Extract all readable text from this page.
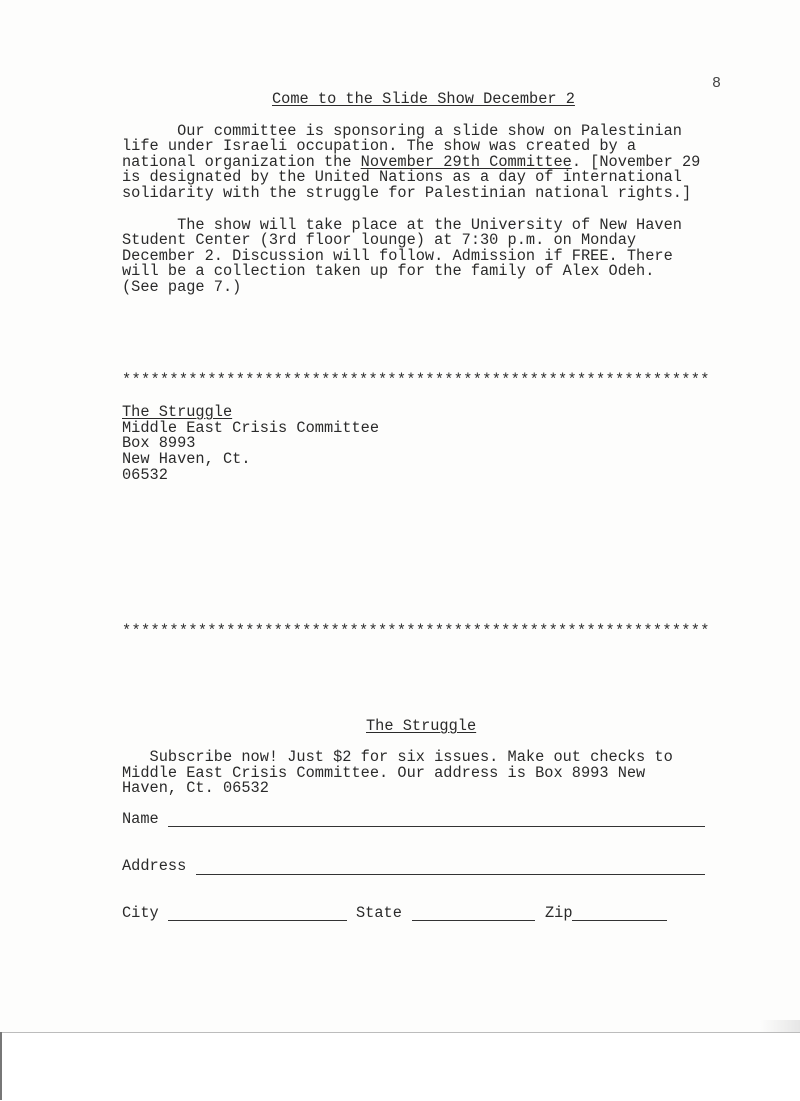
8
Come to the Slide Show December 2
Our committee is sponsoring a slide show on Palestinian
life under Israeli occupation. The show was created by a
national organization the November 29th Committee. [November 29
is designated by the United Nations as a day of international
solidarity with the struggle for Palestinian national rights.]
The show will take place at the University of New Haven
Student Center (3rd floor lounge) at 7:30 p.m. on Monday
December 2. Discussion will follow. Admission if FREE. There
will be a collection taken up for the family of Alex Odeh.
(See page 7.)
**************************************************************
The Struggle
Middle East Crisis Committee
Box 8993
New Haven, Ct.
06532
**************************************************************
The Struggle
Subscribe now! Just $2 for six issues. Make out checks to
Middle East Crisis Committee. Our address is Box 8993 New
Haven, Ct. 06532
Name
Address
City	State	Zip
